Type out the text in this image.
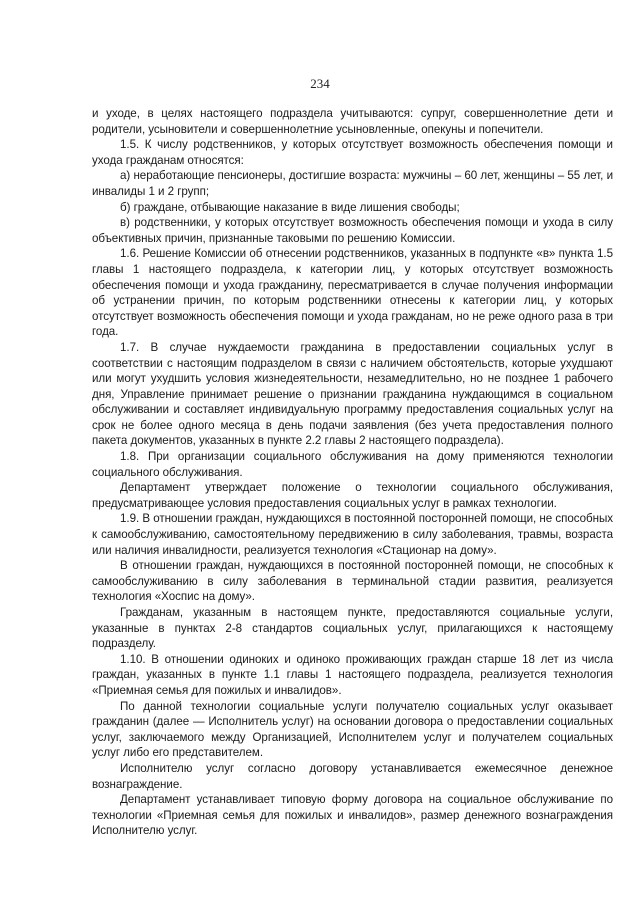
234

и уходе, в целях настоящего подраздела учитываются: супруг, совершеннолетние дети и родители, усыновители и совершеннолетние усыновленные, опекуны и попечители.

1.5. К числу родственников, у которых отсутствует возможность обеспечения помощи и ухода гражданам относятся:

а) неработающие пенсионеры, достигшие возраста: мужчины – 60 лет, женщины – 55 лет, и инвалиды 1 и 2 групп;

б) граждане, отбывающие наказание в виде лишения свободы;

в) родственники, у которых отсутствует возможность обеспечения помощи и ухода в силу объективных причин, признанные таковыми по решению Комиссии.

1.6. Решение Комиссии об отнесении родственников, указанных в подпункте «в» пункта 1.5 главы 1 настоящего подраздела, к категории лиц, у которых отсутствует возможность обеспечения помощи и ухода гражданину, пересматривается в случае получения информации об устранении причин, по которым родственники отнесены к категории лиц, у которых отсутствует возможность обеспечения помощи и ухода гражданам, но не реже одного раза в три года.

1.7. В случае нуждаемости гражданина в предоставлении социальных услуг в соответствии с настоящим подразделом в связи с наличием обстоятельств, которые ухудшают или могут ухудшить условия жизнедеятельности, незамедлительно, но не позднее 1 рабочего дня, Управление принимает решение о признании гражданина нуждающимся в социальном обслуживании и составляет индивидуальную программу предоставления социальных услуг на срок не более одного месяца в день подачи заявления (без учета предоставления полного пакета документов, указанных в пункте 2.2 главы 2 настоящего подраздела).

1.8. При организации социального обслуживания на дому применяются технологии социального обслуживания.

Департамент утверждает положение о технологии социального обслуживания, предусматривающее условия предоставления социальных услуг в рамках технологии.

1.9. В отношении граждан, нуждающихся в постоянной посторонней помощи, не способных к самообслуживанию, самостоятельному передвижению в силу заболевания, травмы, возраста или наличия инвалидности, реализуется технология «Стационар на дому».

В отношении граждан, нуждающихся в постоянной посторонней помощи, не способных к самообслуживанию в силу заболевания в терминальной стадии развития, реализуется технология «Хоспис на дому».

Гражданам, указанным в настоящем пункте, предоставляются социальные услуги, указанные в пунктах 2-8 стандартов социальных услуг, прилагающихся к настоящему подразделу.

1.10. В отношении одиноких и одиноко проживающих граждан старше 18 лет из числа граждан, указанных в пункте 1.1 главы 1 настоящего подраздела, реализуется технология «Приемная семья для пожилых и инвалидов».

По данной технологии социальные услуги получателю социальных услуг оказывает гражданин (далее — Исполнитель услуг) на основании договора о предоставлении социальных услуг, заключаемого между Организацией, Исполнителем услуг и получателем социальных услуг либо его представителем.

Исполнителю услуг согласно договору устанавливается ежемесячное денежное вознаграждение.

Департамент устанавливает типовую форму договора на социальное обслуживание по технологии «Приемная семья для пожилых и инвалидов», размер денежного вознаграждения Исполнителю услуг.
